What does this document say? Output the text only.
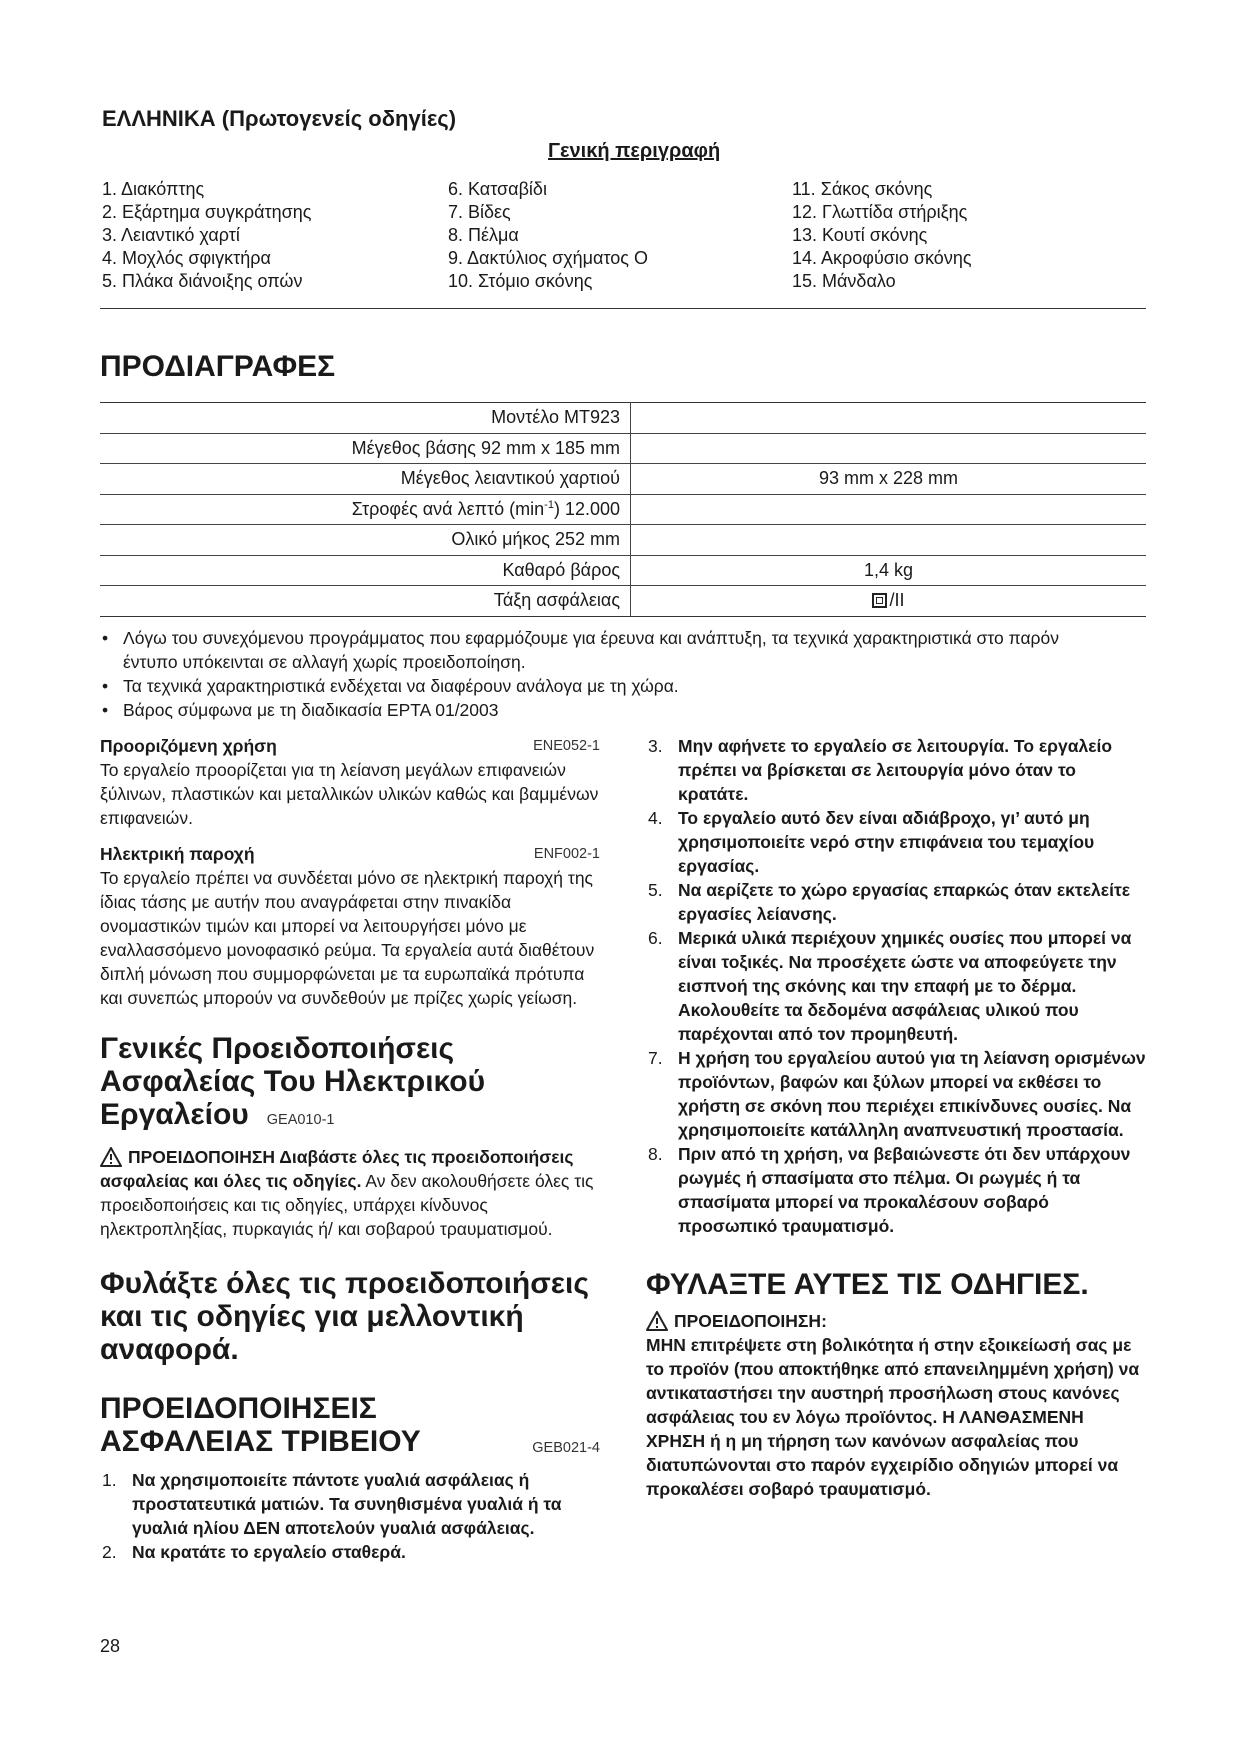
ΕΛΛΗΝΙΚΑ (Πρωτογενείς οδηγίες)
Γενική περιγραφή
1. Διακόπτης
2. Εξάρτημα συγκράτησης
3. Λειαντικό χαρτί
4. Μοχλός σφιγκτήρα
5. Πλάκα διάνοιξης οπών
6. Κατσαβίδι
7. Βίδες
8. Πέλμα
9. Δακτύλιος σχήματος Ο
10. Στόμιο σκόνης
11. Σάκος σκόνης
12. Γλωττίδα στήριξης
13. Κουτί σκόνης
14. Ακροφύσιο σκόνης
15. Μάνδαλο
ΠΡΟΔΙΑΓΡΑΦΕΣ
Μοντέλο MT923	
Μέγεθος βάσης 92 mm x 185 mm	
Μέγεθος λειαντικού χαρτιού	93 mm x 228 mm
Στροφές ανά λεπτό $(\min^{-1})$ 12.000	
Ολικό μήκος 252 mm	
Καθαρό βάρος	1,4 kg
Τάξη ασφάλειας	/II
• Λόγω του συνεχόμενου προγράμματος που εφαρμόζουμε για έρευνα και ανάπτυξη, τα τεχνικά χαρακτηριστικά στο παρόν έντυπο υπόκεινται σε αλλαγή χωρίς προειδοποίηση.
• Τα τεχνικά χαρακτηριστικά ενδέχεται να διαφέρουν ανάλογα με τη χώρα.
• Βάρος σύμφωνα με τη διαδικασία EPTA 01/2003
Προοριζόμενη χρήση	ENE052-1

Το εργαλείο προορίζεται για τη λείανση μεγάλων επιφανειών ξύλινων, πλαστικών και μεταλλικών υλικών καθώς και βαμμένων επιφανειών.

Ηλεκτρική παροχή	ENF002-1

Το εργαλείο πρέπει να συνδέεται μόνο σε ηλεκτρική παροχή της ίδιας τάσης με αυτήν που αναγράφεται στην πινακίδα ονομαστικών τιμών και μπορεί να λειτουργήσει μόνο με εναλλασσόμενο μονοφασικό ρεύμα. Τα εργαλεία αυτά διαθέτουν διπλή μόνωση που συμμορφώνεται με τα ευρωπαϊκά πρότυπα και συνεπώς μπορούν να συνδεθούν με πρίζες χωρίς γείωση.

Γενικές Προειδοποιήσεις Ασφαλείας Του Ηλεκτρικού Εργαλείου GEA010-1
ΠΡΟΕΙΔΟΠΟΙΗΣΗ Διαβάστε όλες τις προειδοποιήσεις ασφαλείας και όλες τις οδηγίες. Αν δεν ακολουθήσετε όλες τις προειδοποιήσεις και τις οδηγίες, υπάρχει κίνδυνος ηλεκτροπληξίας, πυρκαγιάς ή/ και σοβαρού τραυματισμού.
Φυλάξτε όλες τις προειδοποιήσεις και τις οδηγίες για μελλοντική αναφορά.
ΠΡΟΕΙΔΟΠΟΙΗΣΕΙΣ ΑΣΦΑΛΕΙΑΣ ΤΡΙΒΕΙΟΥ	GEB021-4
1. Να χρησιμοποιείτε πάντοτε γυαλιά ασφάλειας ή προστατευτικά ματιών. Τα συνηθισμένα γυαλιά ή τα γυαλιά ηλίου ΔΕΝ αποτελούν γυαλιά ασφάλειας.
2. Να κρατάτε το εργαλείο σταθερά.
3. Μην αφήνετε το εργαλείο σε λειτουργία. Το εργαλείο πρέπει να βρίσκεται σε λειτουργία μόνο όταν το κρατάτε.
4. Το εργαλείο αυτό δεν είναι αδιάβροχο, γι’ αυτό μη χρησιμοποιείτε νερό στην επιφάνεια του τεμαχίου εργασίας.
5. Να αερίζετε το χώρο εργασίας επαρκώς όταν εκτελείτε εργασίες λείανσης.
6. Μερικά υλικά περιέχουν χημικές ουσίες που μπορεί να είναι τοξικές. Να προσέχετε ώστε να αποφεύγετε την εισπνοή της σκόνης και την επαφή με το δέρμα. Ακολουθείτε τα δεδομένα ασφάλειας υλικού που παρέχονται από τον προμηθευτή.
7. Η χρήση του εργαλείου αυτού για τη λείανση ορισμένων προϊόντων, βαφών και ξύλων μπορεί να εκθέσει το χρήστη σε σκόνη που περιέχει επικίνδυνες ουσίες. Να χρησιμοποιείτε κατάλληλη αναπνευστική προστασία.
8. Πριν από τη χρήση, να βεβαιώνεστε ότι δεν υπάρχουν ρωγμές ή σπασίματα στο πέλμα. Οι ρωγμές ή τα σπασίματα μπορεί να προκαλέσουν σοβαρό προσωπικό τραυματισμό.
ΦΥΛΑΞΤΕ ΑΥΤΕΣ ΤΙΣ ΟΔΗΓΙΕΣ.
ΠΡΟΕΙΔΟΠΟΙΗΣΗ:
ΜΗΝ επιτρέψετε στη βολικότητα ή στην εξοικείωσή σας με το προϊόν (που αποκτήθηκε από επανειλημμένη χρήση) να αντικαταστήσει την αυστηρή προσήλωση στους κανόνες ασφάλειας του εν λόγω προϊόντος. Η ΛΑΝΘΑΣΜΕΝΗ ΧΡΗΣΗ ή η μη τήρηση των κανόνων ασφαλείας που διατυπώνονται στο παρόν εγχειρίδιο οδηγιών μπορεί να προκαλέσει σοβαρό τραυματισμό.
28
